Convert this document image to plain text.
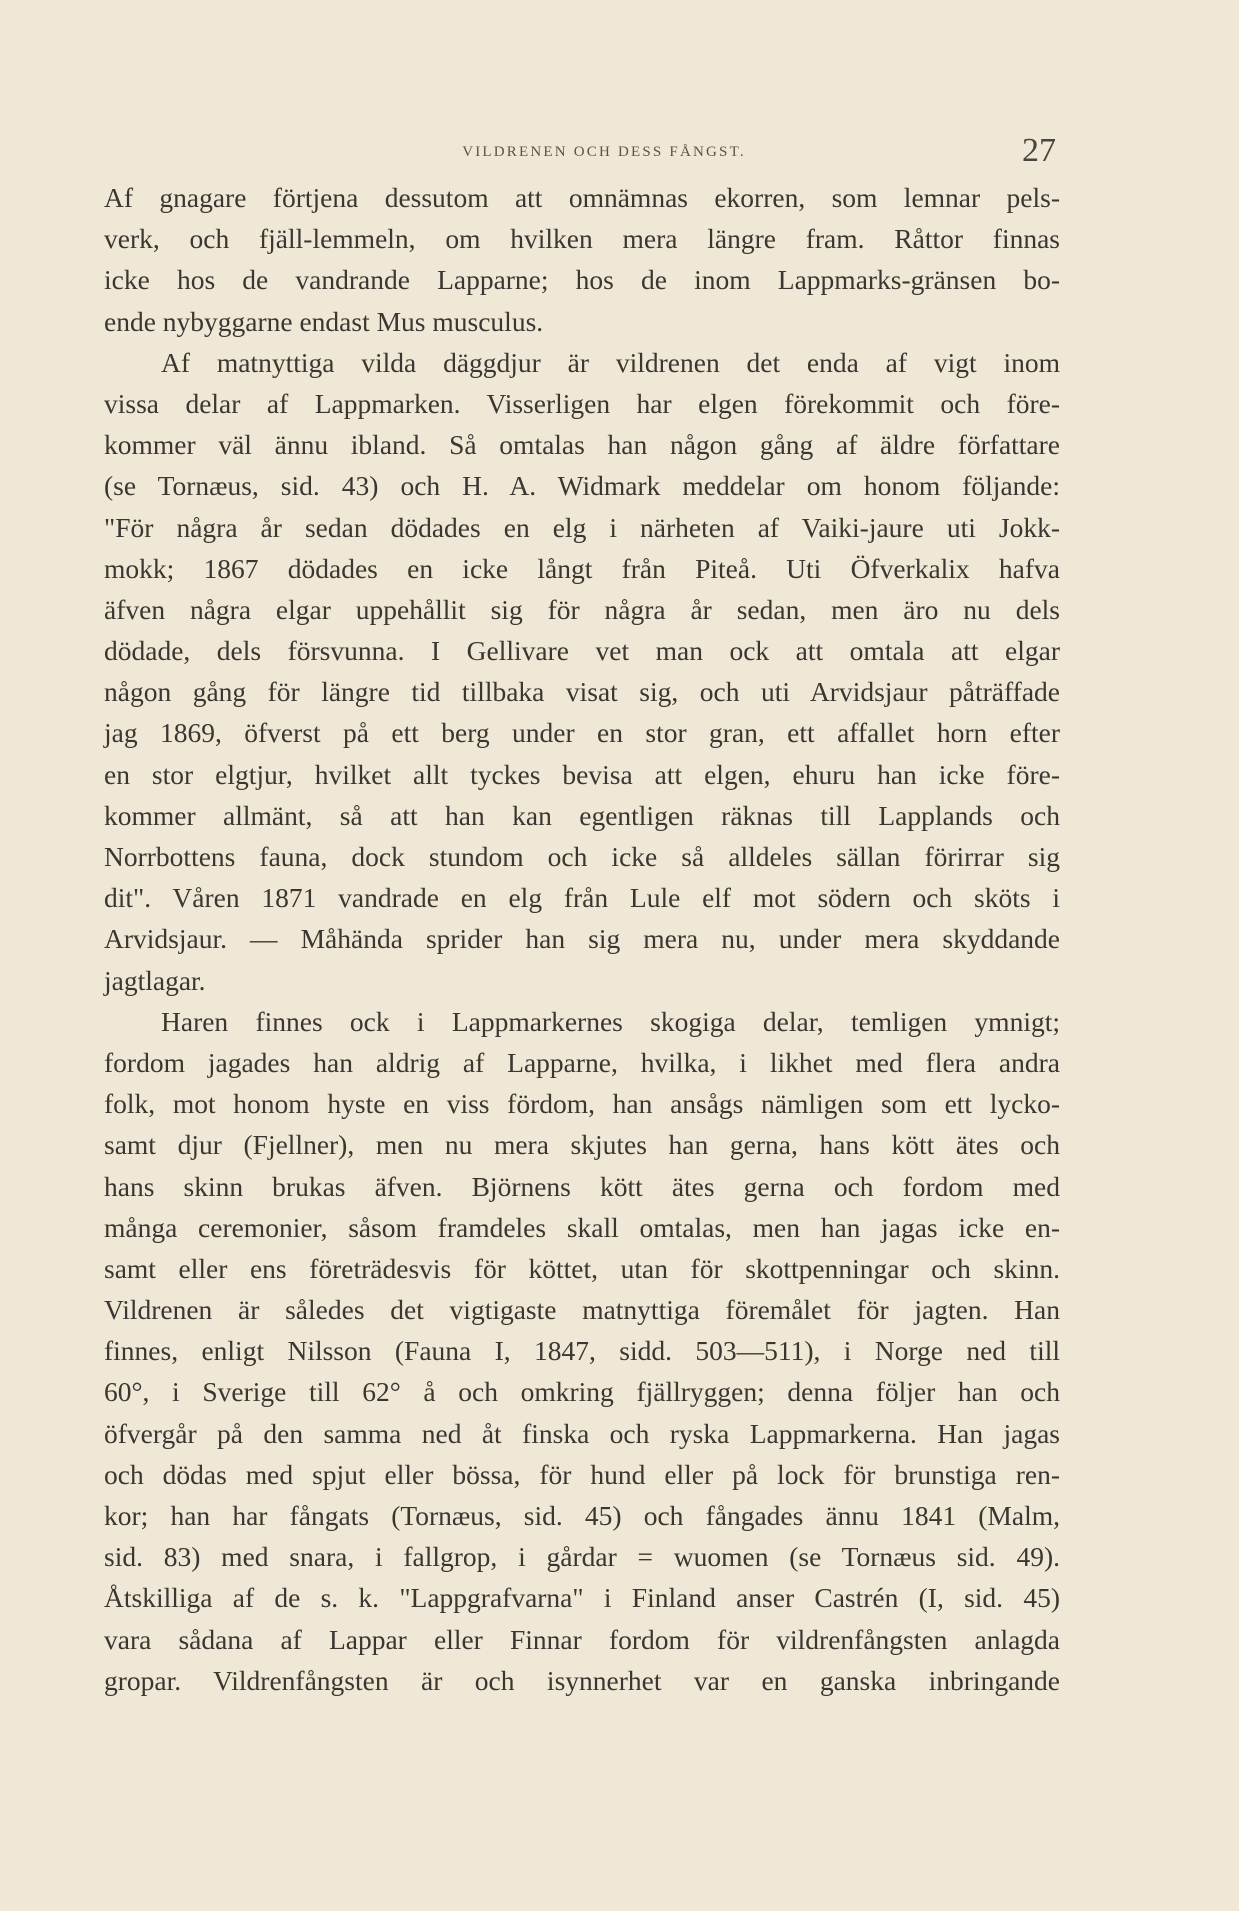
VILDRENEN OCH DESS FÅNGST.	27
Af gnagare förtjena dessutom att omnämnas ekorren, som lemnar pels-
verk, och fjäll-lemmeln, om hvilken mera längre fram. Råttor finnas
icke hos de vandrande Lapparne; hos de inom Lappmarks-gränsen bo-
ende nybyggarne endast Mus musculus.
Af matnyttiga vilda däggdjur är vildrenen det enda af vigt inom
vissa delar af Lappmarken. Visserligen har elgen förekommit och före-
kommer väl ännu ibland. Så omtalas han någon gång af äldre författare
(se Tornæus, sid. 43) och H. A. Widmark meddelar om honom följande:
"För några år sedan dödades en elg i närheten af Vaiki-jaure uti Jokk-
mokk; 1867 dödades en icke långt från Piteå. Uti Öfverkalix hafva
äfven några elgar uppehållit sig för några år sedan, men äro nu dels
dödade, dels försvunna. I Gellivare vet man ock att omtala att elgar
någon gång för längre tid tillbaka visat sig, och uti Arvidsjaur påträffade
jag 1869, öfverst på ett berg under en stor gran, ett affallet horn efter
en stor elgtjur, hvilket allt tyckes bevisa att elgen, ehuru han icke före-
kommer allmänt, så att han kan egentligen räknas till Lapplands och
Norrbottens fauna, dock stundom och icke så alldeles sällan förirrar sig
dit". Våren 1871 vandrade en elg från Lule elf mot södern och sköts i
Arvidsjaur. — Måhända sprider han sig mera nu, under mera skyddande
jagtlagar.
Haren finnes ock i Lappmarkernes skogiga delar, temligen ymnigt;
fordom jagades han aldrig af Lapparne, hvilka, i likhet med flera andra
folk, mot honom hyste en viss fördom, han ansågs nämligen som ett lycko-
samt djur (Fjellner), men nu mera skjutes han gerna, hans kött ätes och
hans skinn brukas äfven. Björnens kött ätes gerna och fordom med
många ceremonier, såsom framdeles skall omtalas, men han jagas icke en-
samt eller ens företrädesvis för köttet, utan för skottpenningar och skinn.
Vildrenen är således det vigtigaste matnyttiga föremålet för jagten. Han
finnes, enligt Nilsson (Fauna I, 1847, sidd. 503—511), i Norge ned till
60°, i Sverige till 62° å och omkring fjällryggen; denna följer han och
öfvergår på den samma ned åt finska och ryska Lappmarkerna. Han jagas
och dödas med spjut eller bössa, för hund eller på lock för brunstiga ren-
kor; han har fångats (Tornæus, sid. 45) och fångades ännu 1841 (Malm,
sid. 83) med snara, i fallgrop, i gårdar = wuomen (se Tornæus sid. 49).
Åtskilliga af de s. k. "Lappgrafvarna" i Finland anser Castrén (I, sid. 45)
vara sådana af Lappar eller Finnar fordom för vildrenfångsten anlagda
gropar. Vildrenfångsten är och isynnerhet var en ganska inbringande
